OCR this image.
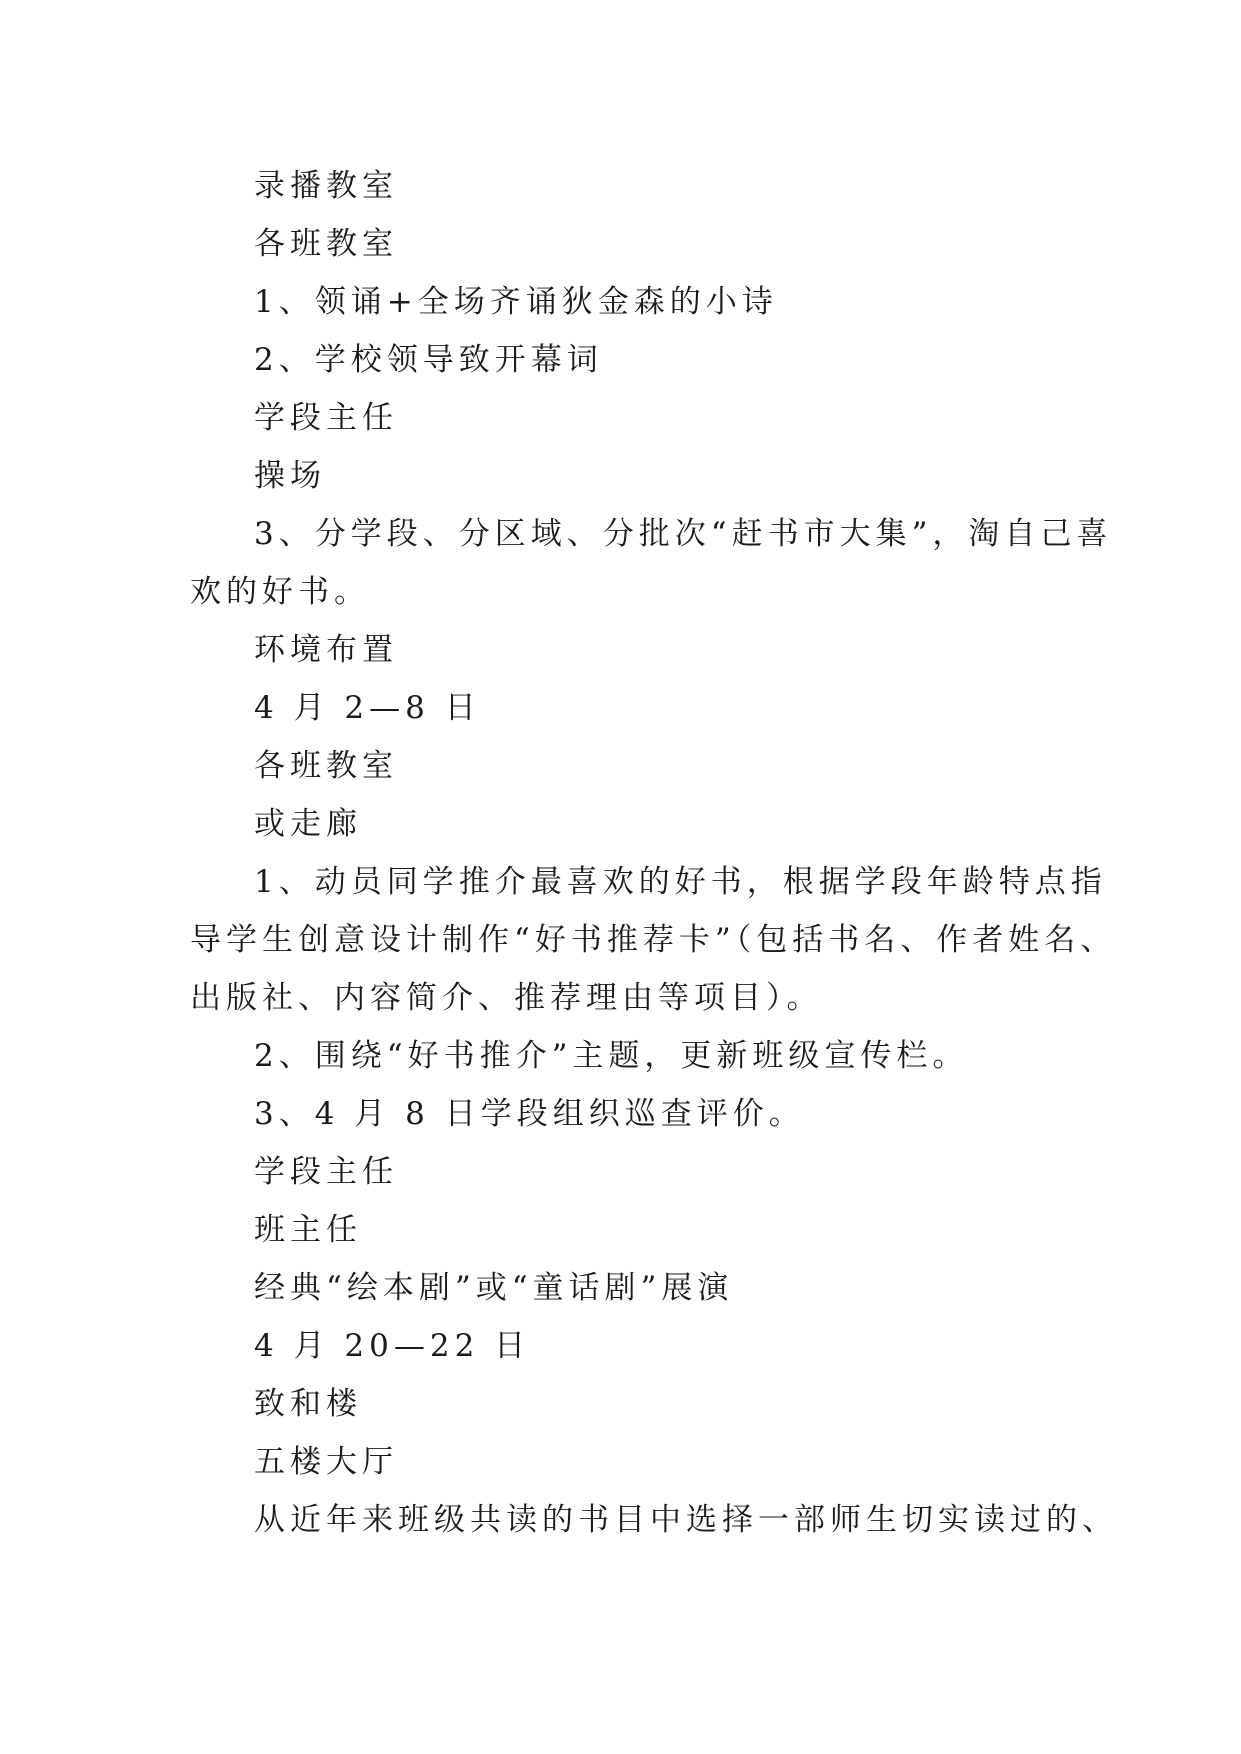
录播教室
各班教室
1、领诵+全场齐诵狄金森的小诗
2、学校领导致开幕词
学段主任
操场
3、分学段、分区域、分批次“赶书市大集”，淘自己喜
欢的好书。
环境布置
4 月 2—8 日
各班教室
或走廊
1、动员同学推介最喜欢的好书，根据学段年龄特点指
导学生创意设计制作“好书推荐卡”（包括书名、作者姓名、
出版社、内容简介、推荐理由等项目）。
2、围绕“好书推介”主题，更新班级宣传栏。
3、4 月 8 日学段组织巡查评价。
学段主任
班主任
经典“绘本剧”或“童话剧”展演
4 月 20—22 日
致和楼
五楼大厅
从近年来班级共读的书目中选择一部师生切实读过的、
